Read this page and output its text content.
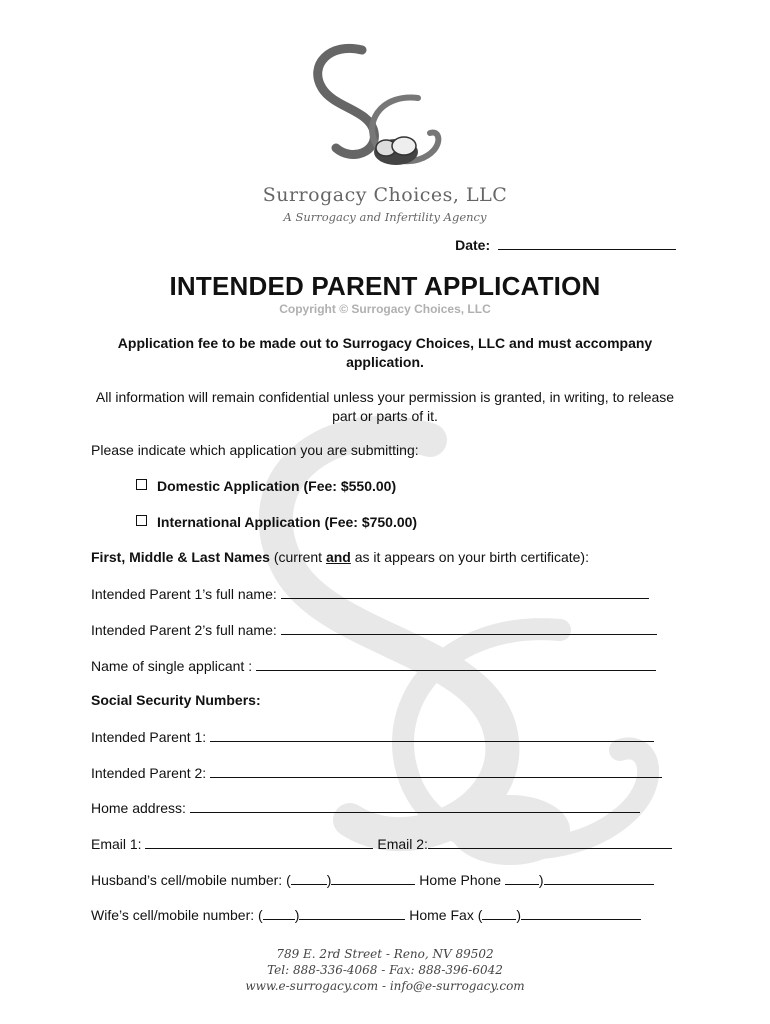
Surrogacy Choices, LLC
A Surrogacy and Infertility Agency
Date:
INTENDED PARENT APPLICATION
Copyright © Surrogacy Choices, LLC
Application fee to be made out to Surrogacy Choices, LLC and must accompany application.
All information will remain confidential unless your permission is granted, in writing, to release part or parts of it.
Please indicate which application you are submitting:
Domestic Application (Fee: $550.00)
International Application (Fee: $750.00)
First, Middle & Last Names (current and as it appears on your birth certificate):
Intended Parent 1’s full name:
Intended Parent 2’s full name:
Name of single applicant :
Social Security Numbers:
Intended Parent 1:
Intended Parent 2:
Home address:
Email 1:	Email 2:
Husband’s cell/mobile number: (	)	Home Phone	)
Wife’s cell/mobile number: ( )	Home Fax ( )
789 E. 2rd Street - Reno, NV 89502
Tel: 888-336-4068 - Fax: 888-396-6042
www.e-surrogacy.com - info@e-surrogacy.com
